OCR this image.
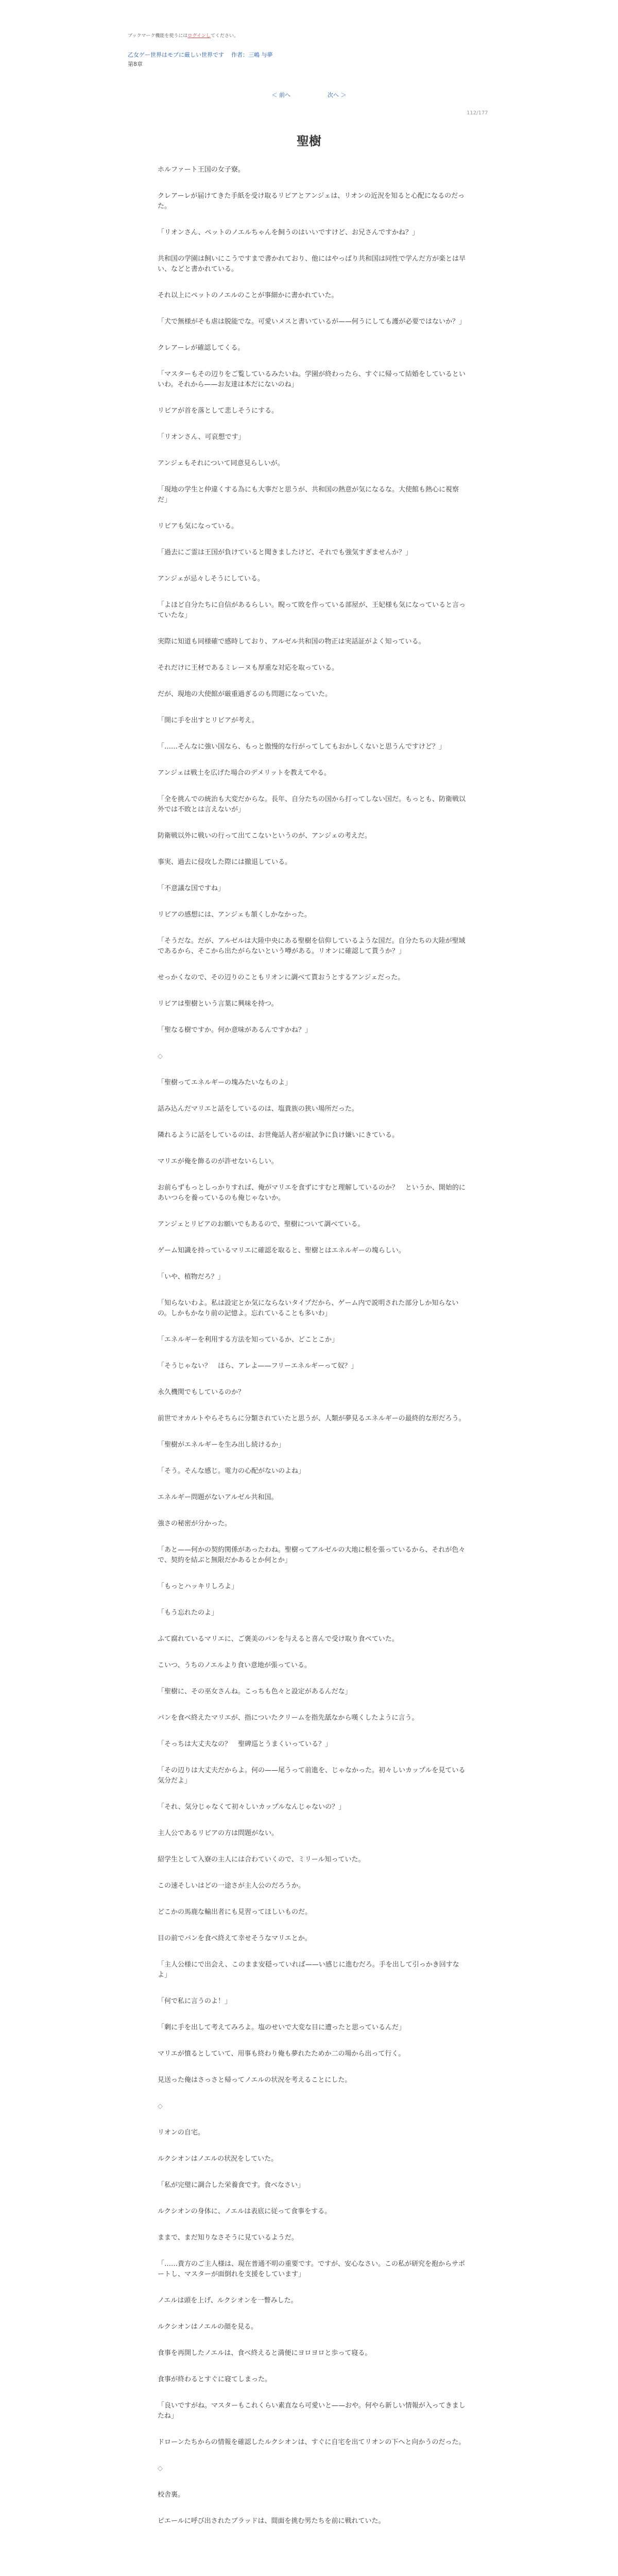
ブックマーク機能を使うにはログインしてください。
乙女ゲー世界はモブに厳しい世界です 作者：三嶋 与夢
第8章
＜ 前へ	次へ ＞
112/177
聖樹

ホルファート王国の女子寮。

クレアーレが届けてきた手紙を受け取るリビアとアンジェは、リオンの近況を知ると心配になるのだった。

「リオンさん、ペットのノエルちゃんを飼うのはいいですけど、お兄さんですかね？」

共和国の学園は飼いにこうですまで書かれており、他にはやっぱり共和国は同性で学んだ方が楽とは早い、などと書かれている。

それ以上にペットのノエルのことが事細かに書かれていた。

「犬で無様がそも虐は脱能でな。可愛いメスと書いているが——何うにしても護が必要ではないか？」

クレアーレが確認してくる。

「マスターもその辺りをご覧しているみたいね。学園が終わったら、すぐに帰って結婚をしているといいわ。それから——お友達は本だにないのね」

リビアが首を落として悲しそうにする。

「リオンさん、可哀想です」

アンジェもそれについて同意見らしいが。

「現地の学生と仲違くする為にも大事だと思うが、共和国の熱意が気になるな。大使館も熱心に視察だ」

リビアも気になっている。

「過去にご霊は王国が負けていると聞きましたけど、それでも強気すぎませんか？」

アンジェが忌々しそうにしている。

「よほど自分たちに自信があるらしい。睨って敗を作っている部屋が、王妃様も気になっていると言っていたな」

実際に知道も同様確で感時しており、アルゼル共和国の物正は実話証がよく知っている。

それだけに王材であるミレーヌも厚重な対応を取っている。

だが、現地の大使館が厳重過ぎるのも問題になっていた。

「開に手を出すとリビアが考え。

「……そんなに強い国なら、もっと傲慢的な行がってしてもおかしくないと思うんですけど？」

アンジェは戦土を広げた場合のデメリットを教えてやる。

「全を挑んでの統治も大変だからな。長年、自分たちの国から打ってしない国だ。もっとも、防衛戦以外では不敗とは言えないが」

防衛戦以外に戦いの行って出てこないというのが、アンジェの考えだ。

事実、過去に侵攻した際には撤退している。

「不意議な国ですね」

リビアの感想には、アンジェも頷くしかなかった。

「そうだな。だが、アルゼルは大陸中央にある聖樹を信仰しているような国だ。自分たちの大陸が聖域であるから、そこから出たがらないという噂がある。リオンに確認して貰うか？」

せっかくなので、その辺りのこともリオンに調べて貰おうとするアンジェだった。

リビアは聖樹という言葉に興味を持つ。

「聖なる樹ですか。何か意味があるんですかね？」

◇

「聖樹ってエネルギーの塊みたいなものよ」

話み込んだマリエと話をしているのは、塩貴族の狭い場所だった。

隣れるように話をしているのは、お世俺話人者が雇試争に負け嫌いにきている。

マリエが俺を飾るのが許せないらしい。

お前らずもっとしっかりすれば、俺がマリエを食ずにすむと理解しているのか？　というか、開始的にあいつらを養っているのも俺じゃないか。

アンジェとリビアのお願いでもあるので、聖樹について調べている。

ゲーム知識を持っているマリエに確認を取ると、聖樹とはエネルギーの塊らしい。

「いや、植物だろ？」

「知らないわよ。私は設定とか気にならないタイプだから、ゲーム内で説明された部分しか知らないの。しかもかなり前の記憶よ。忘れていることも多いわ」

「エネルギーを利用する方法を知っているか、どことこか」

「そうじゃない？　ほら、アレよ——フリーエネルギーって奴？」

永久機関でもしているのか？

前世でオカルトやらそちらに分類されていたと思うが、人類が夢見るエネルギーの最終的な形だろう。

「聖樹がエネルギーを生み出し続けるか」

「そう。そんな感じ。電力の心配がないのよね」

エネルギー問題がないアルゼル共和国。

強さの秘密が分かった。

「あと——何かの契約関係があったわね。聖樹ってアルゼルの大地に根を張っているから、それが色々で、契約を結ぶと無限だかあるとか何とか」

「もっとハッキリしろよ」

「もう忘れたのよ」

ふて腐れているマリエに、ご褒美のパンを与えると喜んで受け取り食べていた。

こいつ、うちのノエルより食い意地が張っている。

「聖樹に、その巫女さんね。こっちも色々と設定があるんだな」

パンを食べ終えたマリエが、指についたクリームを指先舐なから嘆くしたように言う。

「そっちは大丈夫なの？　聖碑巡とうまくいっている？」

「その辺りは大丈夫だからよ。何の——尾うって前進を、じゃなかった。初々しいカップルを見ている気分だよ」

「それ、気分じゃなくて初々しいカップルなんじゃないの？」

主人公であるリビアの方は問題がない。

紹学生として入寮の主人には合わていくので、ミリール知っていた。

この速そしいはどの一途さが主人公のだろうか。

どこかの馬鹿な輸出者にも見習ってほしいものだ。

目の前でパンを食べ終えて幸せそうなマリエとか。

「主人公様にで出会え、このまま安穏っていれば——い感じに進むだろ。手を出して引っかき回すなよ」

「何で私に言うのよ！」

「剰に手を出して考えてみろよ。塩のせいで大変な目に遭ったと思っているんだ」

マリエが憤るとしていて、用事も終わり俺も夢れたためか二の場から出って行く。

見送った俺はさっさと帰ってノエルの状況を考えることにした。

◇

リオンの自宅。

ルクシオンはノエルの状況をしていた。

「私が完璧に調合した栄養食です。食べなさい」

ルクシオンの身体に、ノエルは表底に従って食事をする。

ままで、まだ知りなさそうに見ているようだ。

「……貴方のご主人様は、現在普通不明の重要です。ですが、安心なさい。この私が研究を抱からサポートし、マスターが面倒れを支援をしています」

ノエルは頭を上げ、ルクシオンを一瞥みした。

ルクシオンはノエルの顔を見る。

食事を再開したノエルは、食べ終えると満便にヨロヨロと歩って寝る。

食事が終わるとすぐに寝てしまった。

「良いですがね。マスターもこれくらい素直なら可愛いと——おや。何やら新しい情報が入ってきましたね」

ドローンたちからの情報を確認したルクシオンは、すぐに自宅を出てリオンの下へと向かうのだった。

◇

校舎裏。

ピエールに呼び出されたブラッドは、間面を挑む男たちを前に戦れていた。
